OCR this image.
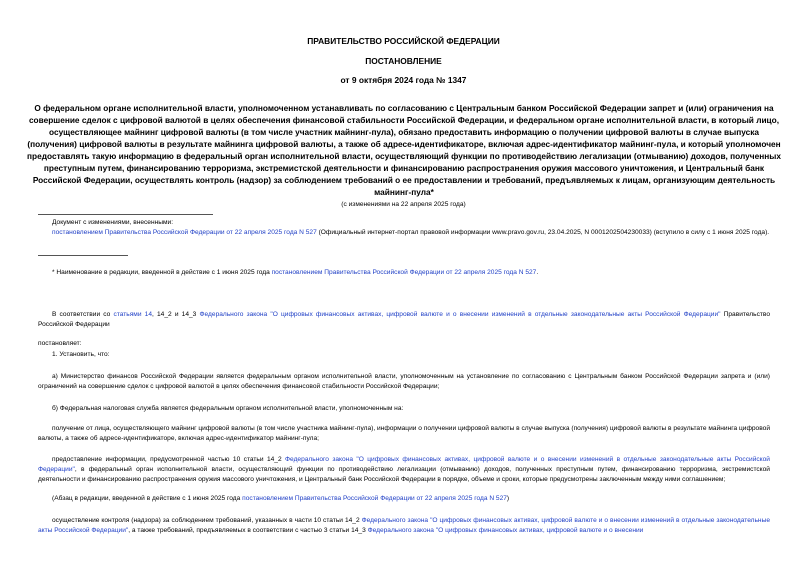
ПРАВИТЕЛЬСТВО РОССИЙСКОЙ ФЕДЕРАЦИИ
ПОСТАНОВЛЕНИЕ
от 9 октября 2024 года № 1347
О федеральном органе исполнительной власти, уполномоченном устанавливать по согласованию с Центральным банком Российской Федерации запрет и (или) ограничения на совершение сделок с цифровой валютой в целях обеспечения финансовой стабильности Российской Федерации, и федеральном органе исполнительной власти, в который лицо, осуществляющее майнинг цифровой валюты (в том числе участник майнинг-пула), обязано предоставить информацию о получении цифровой валюты в случае выпуска (получения) цифровой валюты в результате майнинга цифровой валюты, а также об адресе-идентификаторе, включая адрес-идентификатор майнинг-пула, и который уполномочен предоставлять такую информацию в федеральный орган исполнительной власти, осуществляющий функции по противодействию легализации (отмыванию) доходов, полученных преступным путем, финансированию терроризма, экстремистской деятельности и финансированию распространения оружия массового уничтожения, и Центральный банк Российской Федерации, осуществлять контроль (надзор) за соблюдением требований о ее предоставлении и требований, предъявляемых к лицам, организующим деятельность майнинг-пула*
(с изменениями на 22 апреля 2025 года)
Документ с изменениями, внесенными:
постановлением Правительства Российской Федерации от 22 апреля 2025 года N 527 (Официальный интернет-портал правовой информации www.pravo.gov.ru, 23.04.2025, N 0001202504230033) (вступило в силу с 1 июня 2025 года).
* Наименование в редакции, введенной в действие с 1 июня 2025 года постановлением Правительства Российской Федерации от 22 апреля 2025 года N 527.
В соответствии со статьями 14, 14_2 и 14_3 Федерального закона "О цифровых финансовых активах, цифровой валюте и о внесении изменений в отдельные законодательные акты Российской Федерации" Правительство Российской Федерации
постановляет:
1. Установить, что:
а) Министерство финансов Российской Федерации является федеральным органом исполнительной власти, уполномоченным на установление по согласованию с Центральным банком Российской Федерации запрета и (или) ограничений на совершение сделок с цифровой валютой в целях обеспечения финансовой стабильности Российской Федерации;
б) Федеральная налоговая служба является федеральным органом исполнительной власти, уполномоченным на:
получение от лица, осуществляющего майнинг цифровой валюты (в том числе участника майнинг-пула), информации о получении цифровой валюты в случае выпуска (получения) цифровой валюты в результате майнинга цифровой валюты, а также об адресе-идентификаторе, включая адрес-идентификатор майнинг-пула;
предоставление информации, предусмотренной частью 10 статьи 14_2 Федерального закона "О цифровых финансовых активах, цифровой валюте и о внесении изменений в отдельные законодательные акты Российской Федерации", в федеральный орган исполнительной власти, осуществляющий функции по противодействию легализации (отмыванию) доходов, полученных преступным путем, финансированию терроризма, экстремистской деятельности и финансированию распространения оружия массового уничтожения, и Центральный банк Российской Федерации в порядке, объеме и сроки, которые предусмотрены заключенным между ними соглашением;
(Абзац в редакции, введенной в действие с 1 июня 2025 года постановлением Правительства Российской Федерации от 22 апреля 2025 года N 527)
осуществление контроля (надзора) за соблюдением требований, указанных в части 10 статьи 14_2 Федерального закона "О цифровых финансовых активах, цифровой валюте и о внесении изменений в отдельные законодательные акты Российской Федерации", а также требований, предъявляемых в соответствии с частью 3 статьи 14_3 Федерального закона "О цифровых финансовых активах, цифровой валюте и о внесении
